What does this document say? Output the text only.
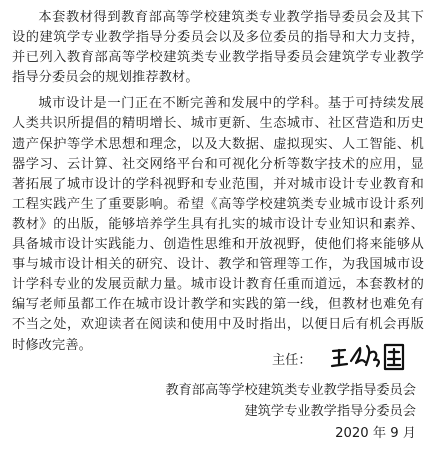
本套教材得到教育部高等学校建筑类专业教学指导委员会及其下设的建筑学专业教学指导分委员会以及多位委员的指导和大力支持，并已列入教育部高等学校建筑类专业教学指导委员会建筑学专业教学指导分委员会的规划推荐教材。

城市设计是一门正在不断完善和发展中的学科。基于可持续发展人类共识所提倡的精明增长、城市更新、生态城市、社区营造和历史遗产保护等学术思想和理念，以及大数据、虚拟现实、人工智能、机器学习、云计算、社交网络平台和可视化分析等数字技术的应用，显著拓展了城市设计的学科视野和专业范围，并对城市设计专业教育和工程实践产生了重要影响。希望《高等学校建筑类专业城市设计系列教材》的出版，能够培养学生具有扎实的城市设计专业知识和素养、具备城市设计实践能力、创造性思维和开放视野，使他们将来能够从事与城市设计相关的研究、设计、教学和管理等工作，为我国城市设计学科专业的发展贡献力量。城市设计教育任重而道远，本套教材的编写老师虽都工作在城市设计教学和实践的第一线，但教材也难免有不当之处，欢迎读者在阅读和使用中及时指出，以便日后有机会再版时修改完善。

主任：
教育部高等学校建筑类专业教学指导委员会
建筑学专业教学指导分委员会
2020 年 9 月
